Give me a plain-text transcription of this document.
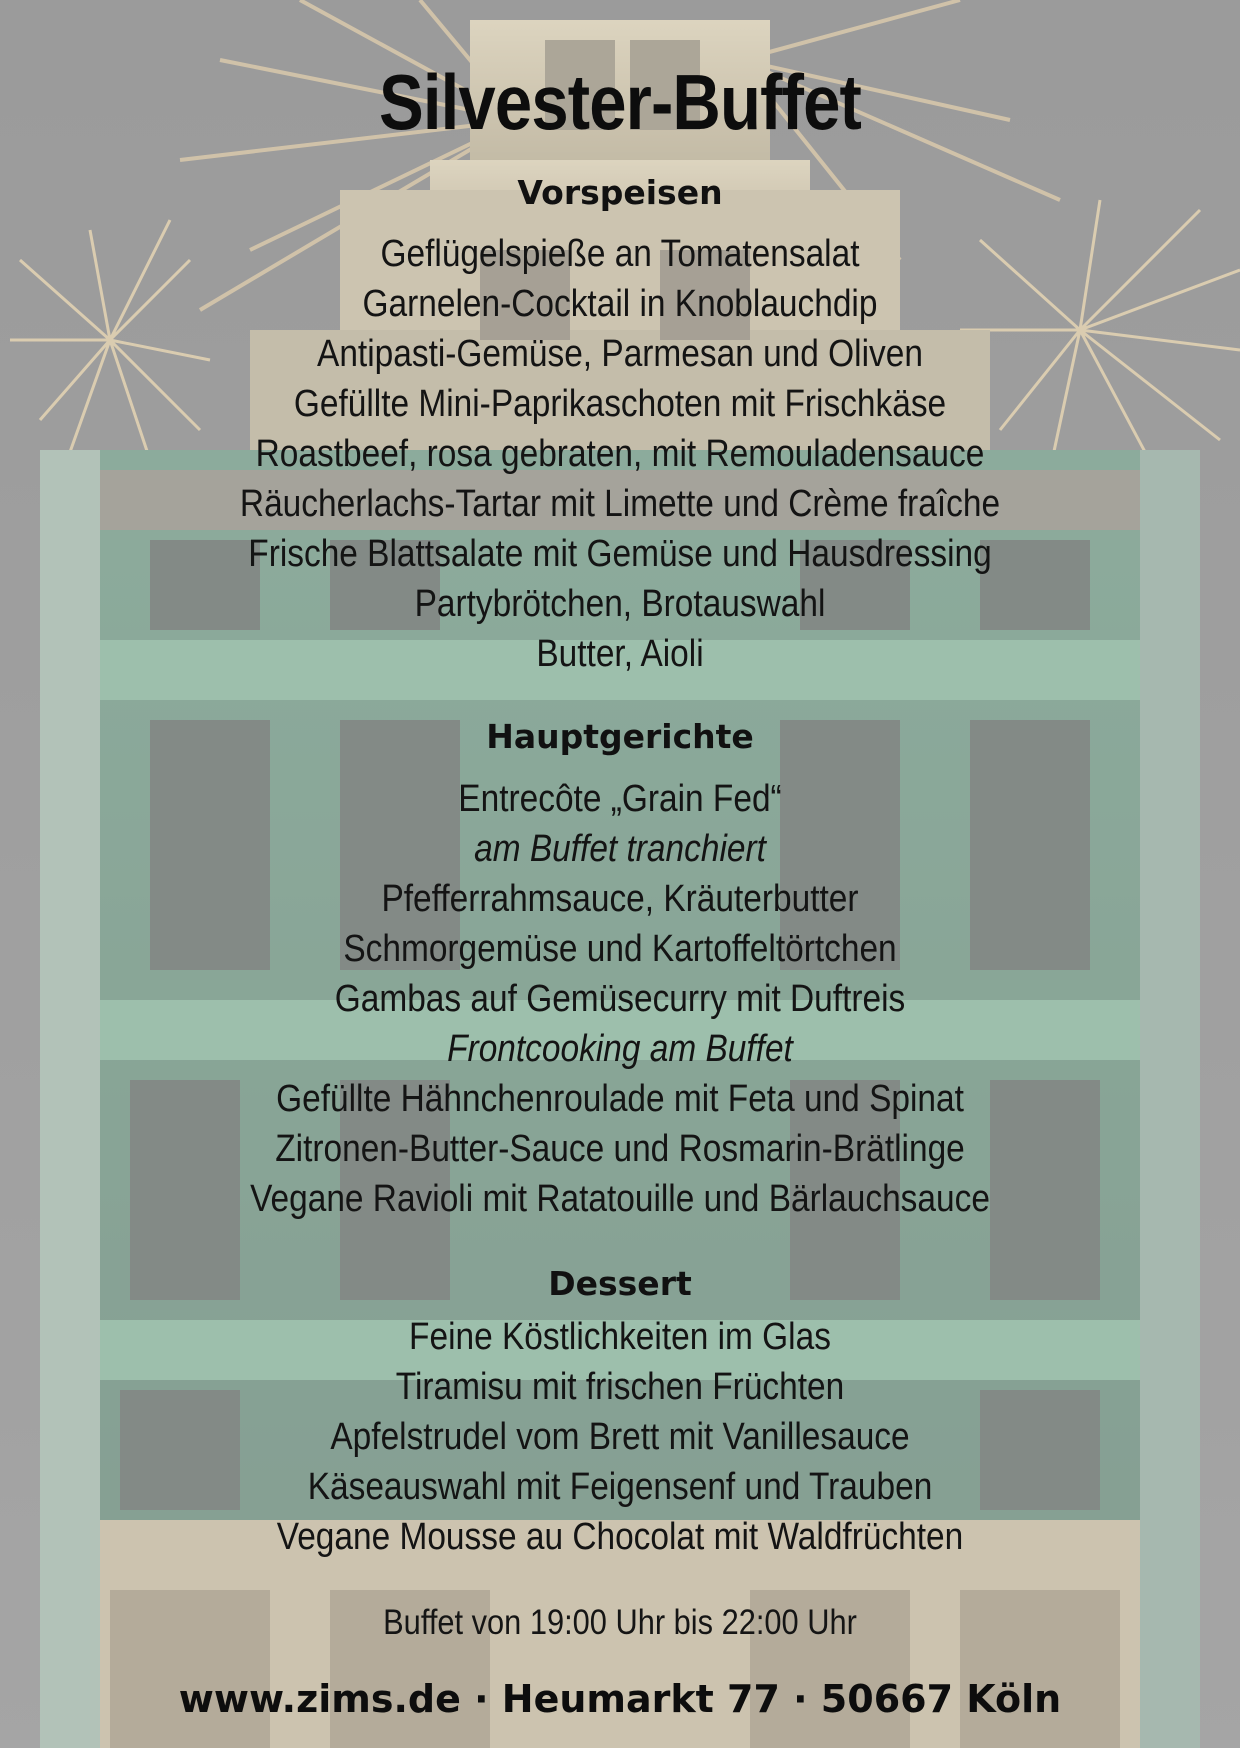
Silvester-Buffet
Vorspeisen
Geflügelspieße an Tomatensalat
Garnelen-Cocktail in Knoblauchdip
Antipasti-Gemüse, Parmesan und Oliven
Gefüllte Mini-Paprikaschoten mit Frischkäse
Roastbeef, rosa gebraten, mit Remouladensauce
Räucherlachs-Tartar mit Limette und Crème fraîche
Frische Blattsalate mit Gemüse und Hausdressing
Partybrötchen, Brotauswahl
Butter, Aioli
Hauptgerichte
Entrecôte „Grain Fed“
am Buffet tranchiert
Pfefferrahmsauce, Kräuterbutter
Schmorgemüse und Kartoffeltörtchen
Gambas auf Gemüsecurry mit Duftreis
Frontcooking am Buffet
Gefüllte Hähnchenroulade mit Feta und Spinat
Zitronen-Butter-Sauce und Rosmarin-Brätlinge
Vegane Ravioli mit Ratatouille und Bärlauchsauce
Dessert
Feine Köstlichkeiten im Glas
Tiramisu mit frischen Früchten
Apfelstrudel vom Brett mit Vanillesauce
Käseauswahl mit Feigensenf und Trauben
Vegane Mousse au Chocolat mit Waldfrüchten
Buffet von 19:00 Uhr bis 22:00 Uhr
www.zims.de · Heumarkt 77 · 50667 Köln
